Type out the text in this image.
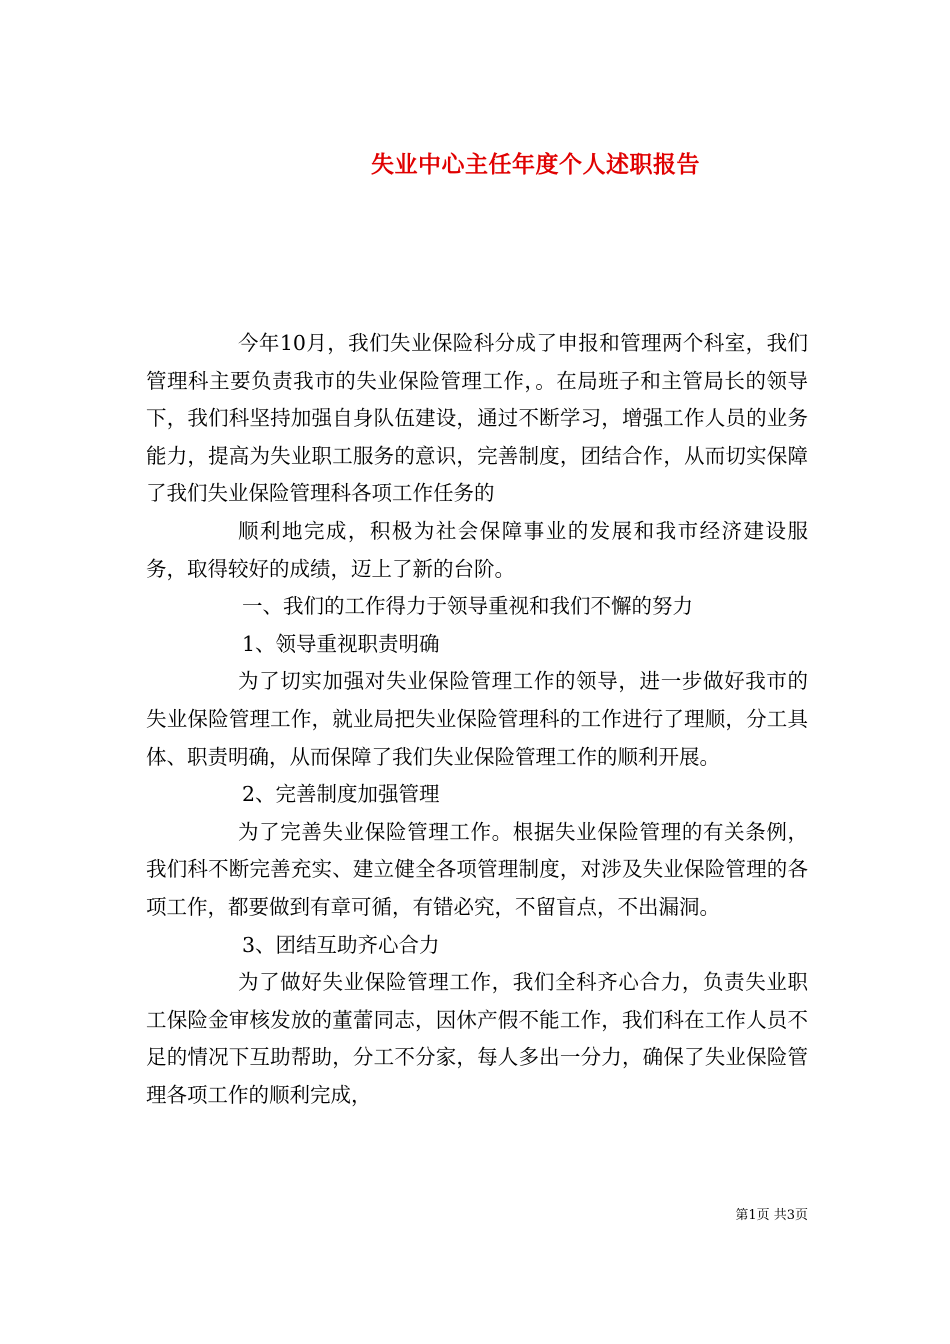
失业中心主任年度个人述职报告

今年10月，我们失业保险科分成了申报和管理两个科室，我们管理科主要负责我市的失业保险管理工作，。在局班子和主管局长的领导下，我们科坚持加强自身队伍建设，通过不断学习，增强工作人员的业务能力，提高为失业职工服务的意识，完善制度，团结合作，从而切实保障了我们失业保险管理科各项工作任务的

顺利地完成，积极为社会保障事业的发展和我市经济建设服务，取得较好的成绩，迈上了新的台阶。

一、我们的工作得力于领导重视和我们不懈的努力

1、领导重视职责明确

为了切实加强对失业保险管理工作的领导，进一步做好我市的失业保险管理工作，就业局把失业保险管理科的工作进行了理顺，分工具体、职责明确，从而保障了我们失业保险管理工作的顺利开展。

2、完善制度加强管理

为了完善失业保险管理工作。根据失业保险管理的有关条例，我们科不断完善充实、建立健全各项管理制度，对涉及失业保险管理的各项工作，都要做到有章可循，有错必究，不留盲点，不出漏洞。

3、团结互助齐心合力

为了做好失业保险管理工作，我们全科齐心合力，负责失业职工保险金审核发放的董蕾同志，因休产假不能工作，我们科在工作人员不足的情况下互助帮助，分工不分家，每人多出一分力，确保了失业保险管理各项工作的顺利完成，

第1页 共3页
